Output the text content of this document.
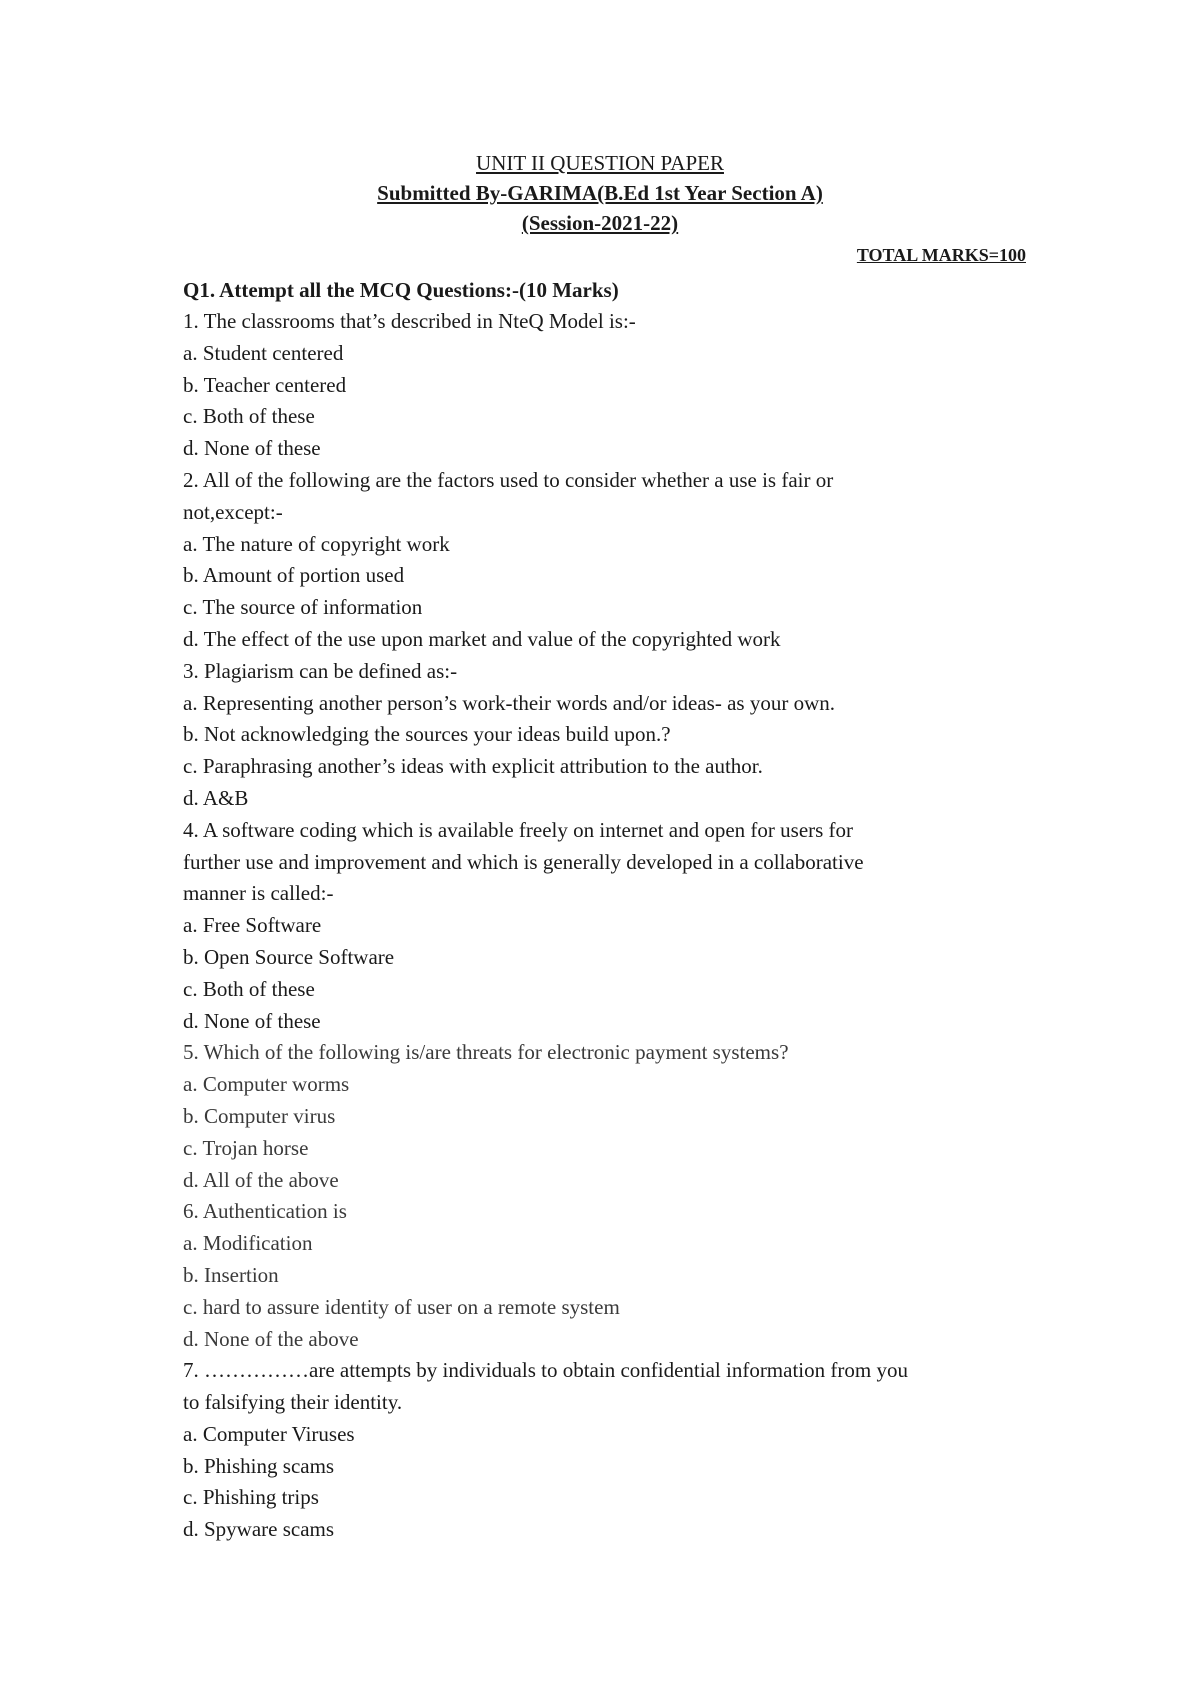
UNIT II QUESTION PAPER
Submitted By-GARIMA(B.Ed 1st Year Section A)
(Session-2021-22)
TOTAL MARKS=100
Q1. Attempt all the MCQ Questions:-(10 Marks)
1. The classrooms that’s described in NteQ Model is:-
a. Student centered
b. Teacher centered
c. Both of these
d. None of these
2. All of the following are the factors used to consider whether a use is fair or
not,except:-
a. The nature of copyright work
b. Amount of portion used
c. The source of information
d. The effect of the use upon market and value of the copyrighted work
3. Plagiarism can be defined as:-
a. Representing another person’s work-their words and/or ideas- as your own.
b. Not acknowledging the sources your ideas build upon.?
c. Paraphrasing another’s ideas with explicit attribution to the author.
d. A&B
4. A software coding which is available freely on internet and open for users for
further use and improvement and which is generally developed in a collaborative
manner is called:-
a. Free Software
b. Open Source Software
c. Both of these
d. None of these
5. Which of the following is/are threats for electronic payment systems?
a. Computer worms
b. Computer virus
c. Trojan horse
d. All of the above
6. Authentication is
a. Modification
b. Insertion
c. hard to assure identity of user on a remote system
d. None of the above
7. ……………are attempts by individuals to obtain confidential information from you
to falsifying their identity.
a. Computer Viruses
b. Phishing scams
c. Phishing trips
d. Spyware scams
